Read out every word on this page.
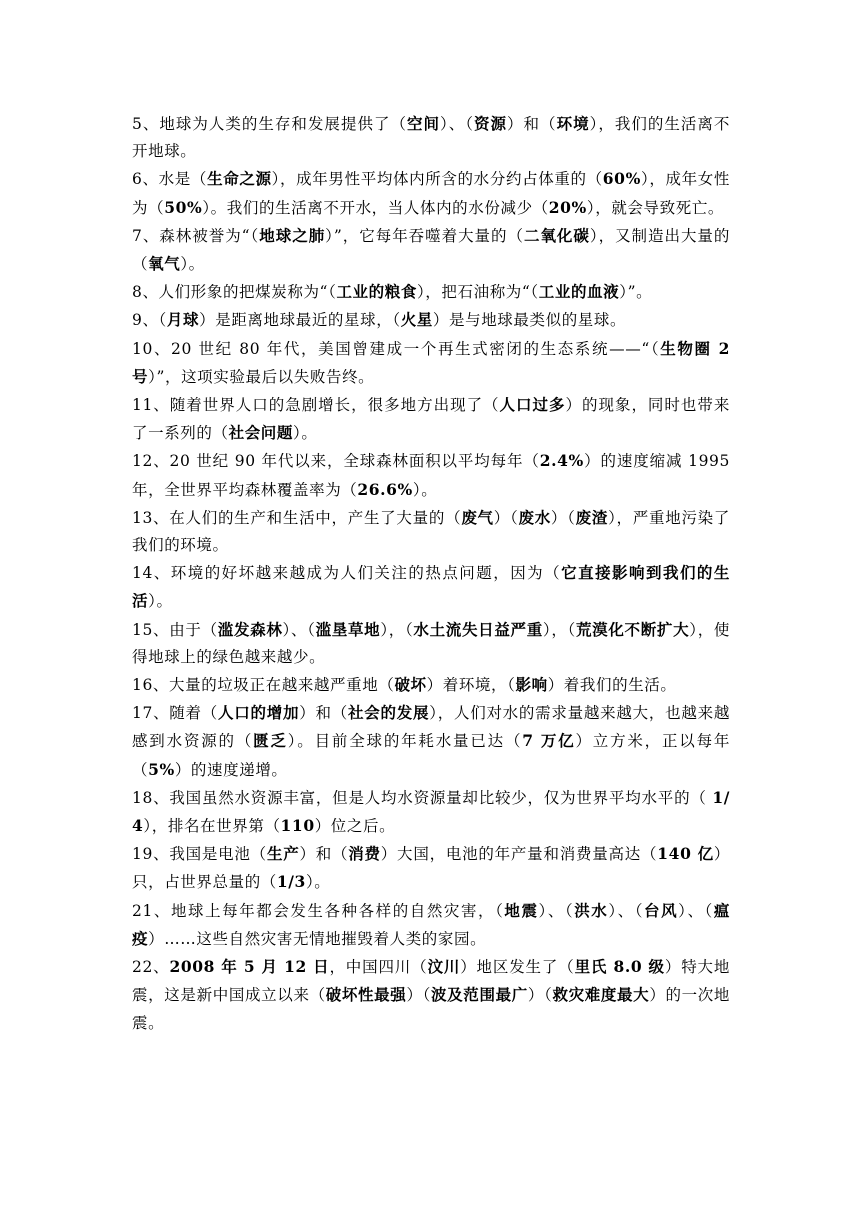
5、地球为人类的生存和发展提供了（空间）、（资源）和（环境），我们的生活离不开地球。

6、水是（生命之源），成年男性平均体内所含的水分约占体重的（60%），成年女性为（50%）。我们的生活离不开水，当人体内的水份减少（20%），就会导致死亡。

7、森林被誉为“（地球之肺）”，它每年吞噬着大量的（二氧化碳），又制造出大量的（氧气）。

8、人们形象的把煤炭称为“（工业的粮食），把石油称为“（工业的血液）”。

9、（月球）是距离地球最近的星球，（火星）是与地球最类似的星球。

10、20 世纪 80 年代，美国曾建成一个再生式密闭的生态系统——“（生物圈 2 号）”，这项实验最后以失败告终。

11、随着世界人口的急剧增长，很多地方出现了（人口过多）的现象，同时也带来了一系列的（社会问题）。

12、20 世纪 90 年代以来，全球森林面积以平均每年（2.4%）的速度缩减 1995 年，全世界平均森林覆盖率为（26.6%）。

13、在人们的生产和生活中，产生了大量的（废气）（废水）（废渣），严重地污染了我们的环境。

14、环境的好坏越来越成为人们关注的热点问题，因为（它直接影响到我们的生活）。

15、由于（滥发森林）、（滥垦草地），（水土流失日益严重），（荒漠化不断扩大），使得地球上的绿色越来越少。

16、大量的垃圾正在越来越严重地（破坏）着环境，（影响）着我们的生活。

17、随着（人口的增加）和（社会的发展），人们对水的需求量越来越大，也越来越感到水资源的（匮乏）。目前全球的年耗水量已达（7 万亿）立方米，正以每年（5%）的速度递增。

18、我国虽然水资源丰富，但是人均水资源量却比较少，仅为世界平均水平的（ 1/4），排名在世界第（110）位之后。

19、我国是电池（生产）和（消费）大国，电池的年产量和消费量高达（140 亿）只，占世界总量的（1/3）。

21、地球上每年都会发生各种各样的自然灾害，（地震）、（洪水）、（台风）、（瘟疫）……这些自然灾害无情地摧毁着人类的家园。

22、2008 年 5 月 12 日，中国四川（汶川）地区发生了（里氏 8.0 级）特大地震，这是新中国成立以来（破坏性最强）（波及范围最广）（救灾难度最大）的一次地震。
